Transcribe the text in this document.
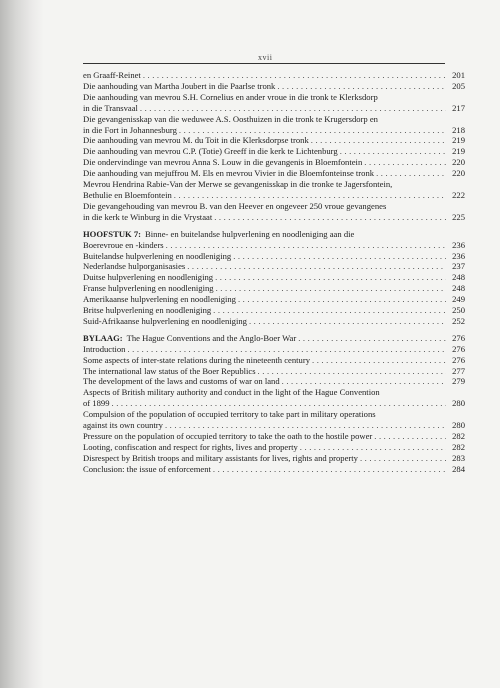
xvii
en Graaff-Reinet . . .	201
Die aanhouding van Martha Joubert in die Paarlse tronk . . .	205
Die aanhouding van mevrou S.H. Cornelius en ander vroue in die tronk te Klerksdorp
in die Transvaal . . .	217
Die gevangenisskap van die weduwee A.S. Oosthuizen in die tronk te Krugersdorp en
in die Fort in Johannesburg . . .	218
Die aanhouding van mevrou M. du Toit in die Klerksdorpse tronk . . .	219
Die aanhouding van mevrou C.P. (Totie) Greeff in die kerk te Lichtenburg . . .	219
Die ondervindinge van mevrou Anna S. Louw in die gevangenis in Bloemfontein . . .	220
Die aanhouding van mejuffrou M. Els en mevrou Vivier in die Bloemfonteinse tronk . . .	220
Mevrou Hendrina Rabie-Van der Merwe se gevangenisskap in die tronke te Jagersfontein,
Bethulie en Bloemfontein . . .	222
Die gevangehouding van mevrou B. van den Heever en ongeveer 250 vroue gevangenes
in die kerk te Winburg in die Vrystaat . . .	225
HOOFSTUK 7: Binne- en buitelandse hulpverlening en noodleniging aan die
Boerevroue en -kinders . . .	236
Buitelandse hulpverlening en noodleniging . . .	236
Nederlandse hulporganisasies . . .	237
Duitse hulpverlening en noodleniging . . .	248
Franse hulpverlening en noodleniging . . .	248
Amerikaanse hulpverlening en noodleniging . . .	249
Britse hulpverlening en noodleniging . . .	250
Suid-Afrikaanse hulpverlening en noodleniging . . .	252
BYLAAG: The Hague Conventions and the Anglo-Boer War . . .	276
Introduction . . .	276
Some aspects of inter-state relations during the nineteenth century . . .	276
The international law status of the Boer Republics . . .	277
The development of the laws and customs of war on land . . .	279
Aspects of British military authority and conduct in the light of the Hague Convention
of 1899 . . .	280
Compulsion of the population of occupied territory to take part in military operations
against its own country . . .	280
Pressure on the population of occupied territory to take the oath to the hostile power . . .	282
Looting, confiscation and respect for rights, lives and property . . .	282
Disrespect by British troops and military assistants for lives, rights and property . . .	283
Conclusion: the issue of enforcement . . .	284
